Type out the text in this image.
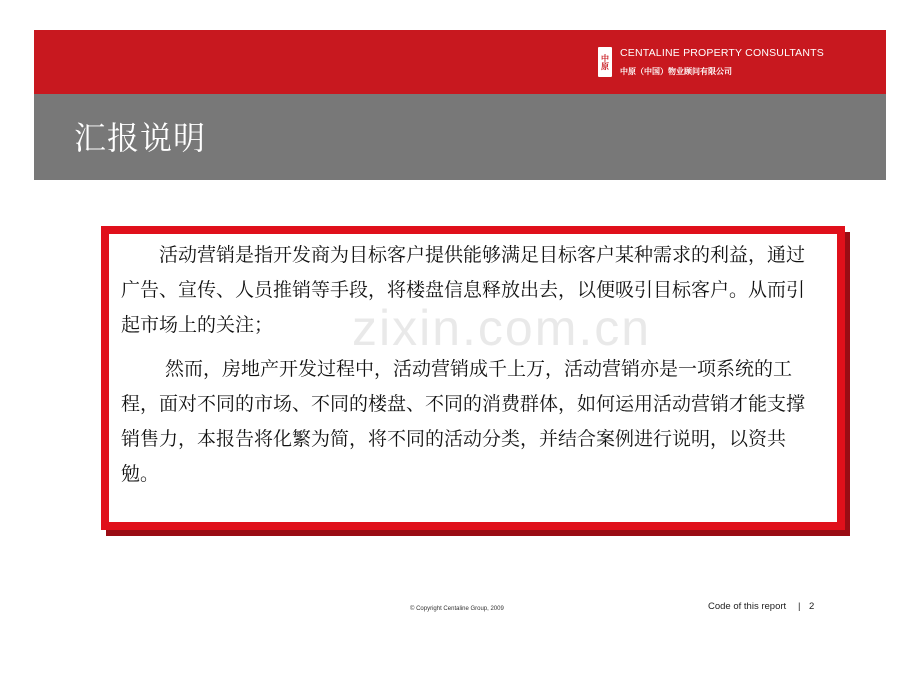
中原
CENTALINE PROPERTY CONSULTANTS
中原（中国）物业顾问有限公司
汇报说明

活动营销是指开发商为目标客户提供能够满足目标客户某种需求的利益，通过广告、宣传、人员推销等手段，将楼盘信息释放出去，以便吸引目标客户。从而引起市场上的关注；

然而，房地产开发过程中，活动营销成千上万，活动营销亦是一项系统的工程，面对不同的市场、不同的楼盘、不同的消费群体，如何运用活动营销才能支撑销售力，本报告将化繁为简，将不同的活动分类，并结合案例进行说明，以资共勉。

zixin.com.cn
© Copyright Centaline Group, 2009	Code of this report | 2
